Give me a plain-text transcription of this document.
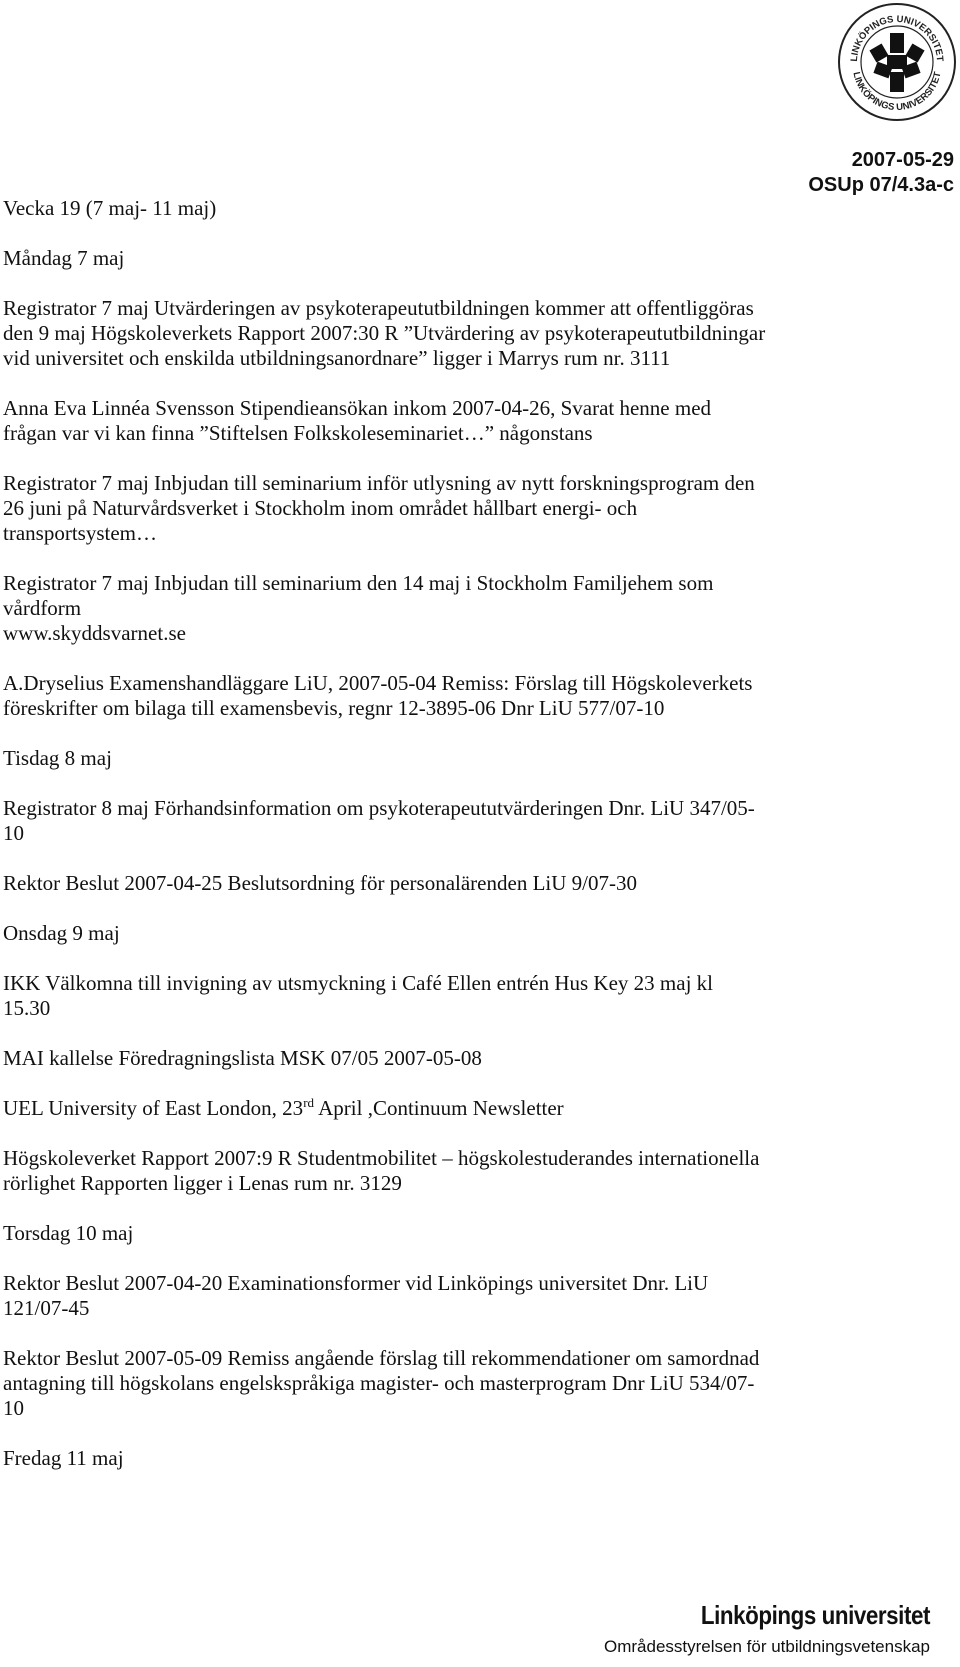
LINKÖPINGS UNIVERSITET
LINKÖPINGS UNIVERSITET
2007-05-29
OSUp 07/4.3a-c
Vecka 19 (7 maj- 11 maj)
Måndag 7 maj
Registrator 7 maj Utvärderingen av psykoterapeututbildningen kommer att offentliggöras
den 9 maj Högskoleverkets Rapport 2007:30 R ”Utvärdering av psykoterapeututbildningar
vid universitet och enskilda utbildningsanordnare” ligger i Marrys rum nr. 3111
Anna Eva Linnéa Svensson Stipendieansökan inkom 2007-04-26, Svarat henne med
frågan var vi kan finna ”Stiftelsen Folkskoleseminariet…” någonstans
Registrator 7 maj Inbjudan till seminarium inför utlysning av nytt forskningsprogram den
26 juni på Naturvårdsverket i Stockholm inom området hållbart energi- och
transportsystem…
Registrator 7 maj Inbjudan till seminarium den 14 maj i Stockholm Familjehem som
vårdform
www.skyddsvarnet.se
A.Dryselius Examenshandläggare LiU, 2007-05-04 Remiss: Förslag till Högskoleverkets
föreskrifter om bilaga till examensbevis, regnr 12-3895-06 Dnr LiU 577/07-10
Tisdag 8 maj
Registrator 8 maj Förhandsinformation om psykoterapeututvärderingen Dnr. LiU 347/05-
10
Rektor Beslut 2007-04-25 Beslutsordning för personalärenden LiU 9/07-30
Onsdag 9 maj
IKK Välkomna till invigning av utsmyckning i Café Ellen entrén Hus Key 23 maj kl
15.30
MAI kallelse Föredragningslista MSK 07/05 2007-05-08
UEL University of East London, 23rd April ,Continuum Newsletter
Högskoleverket Rapport 2007:9 R Studentmobilitet – högskolestuderandes internationella
rörlighet Rapporten ligger i Lenas rum nr. 3129
Torsdag 10 maj
Rektor Beslut 2007-04-20 Examinationsformer vid Linköpings universitet Dnr. LiU
121/07-45
Rektor Beslut 2007-05-09 Remiss angående förslag till rekommendationer om samordnad
antagning till högskolans engelskspråkiga magister- och masterprogram Dnr LiU 534/07-
10
Fredag 11 maj
Linköpings universitet
Områdesstyrelsen för utbildningsvetenskap
